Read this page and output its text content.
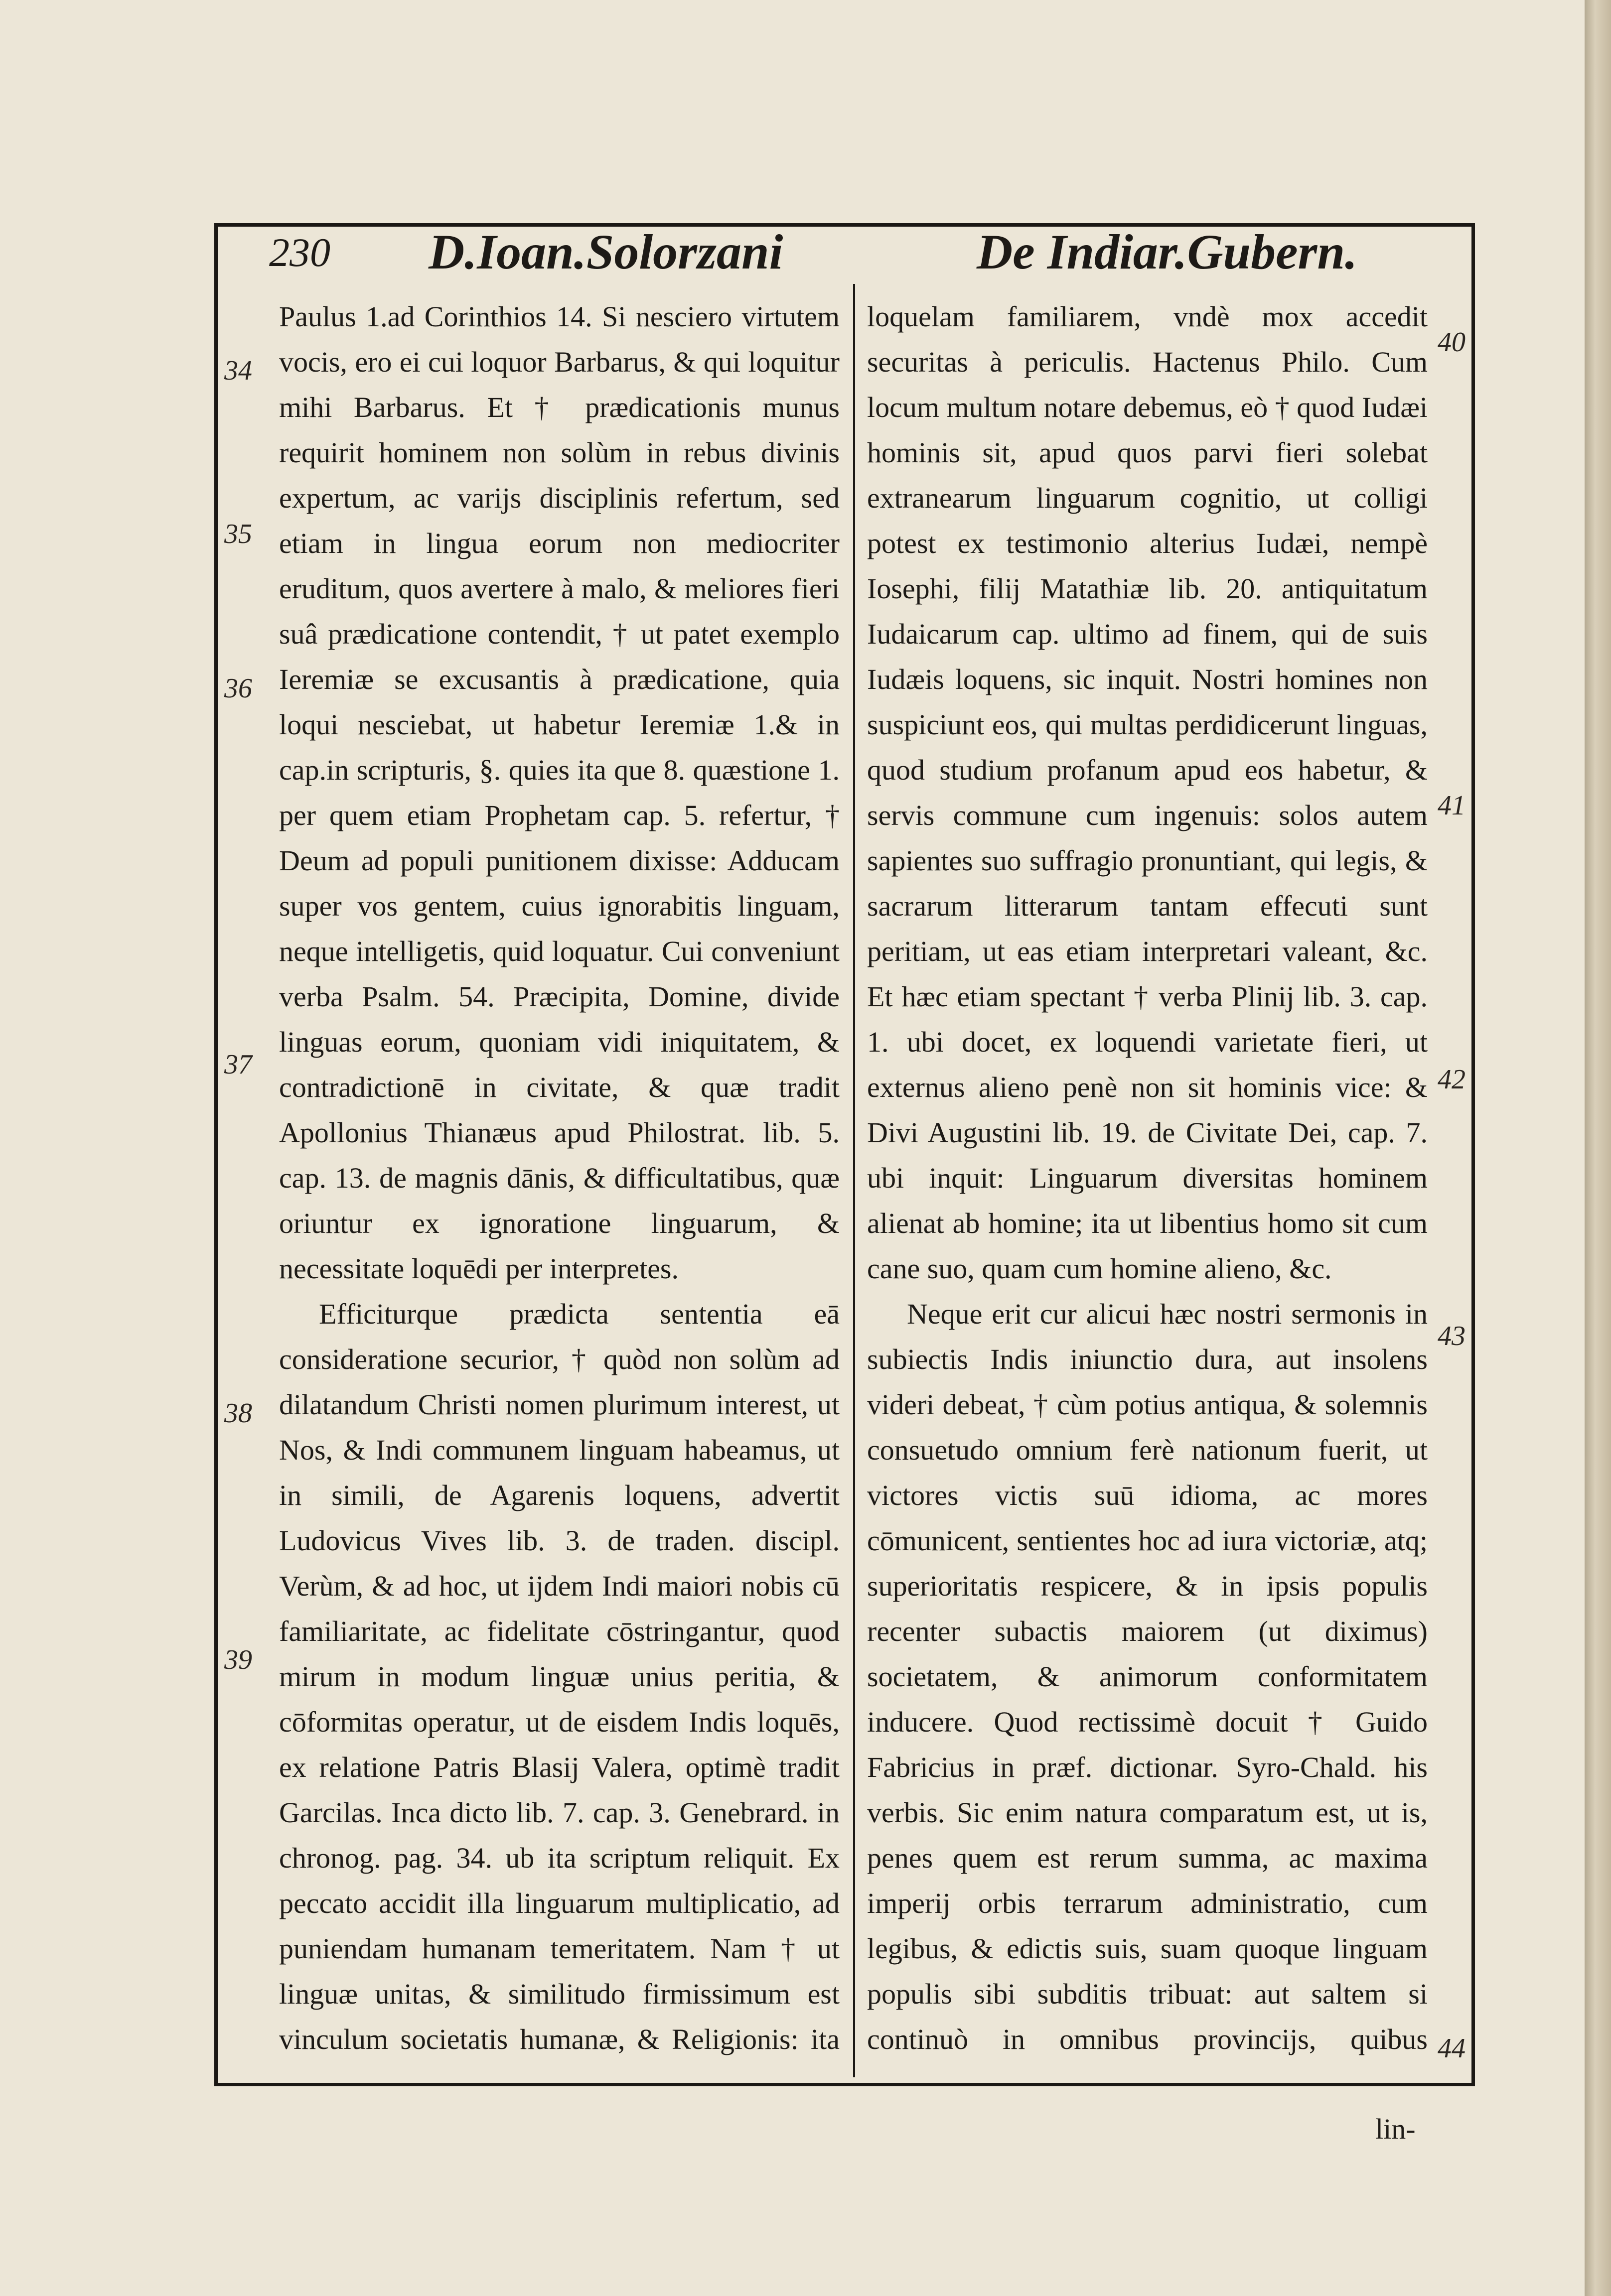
230 D.Ioan.Solorzani	De Indiar.Gubern.

Paulus 1.ad Corinthios 14. Si nesciero virtutem vocis, ero ei cui loquor Barbarus, & qui loquitur mihi Barbarus. Et † prædicationis munus requirit hominem non solùm in rebus divinis expertum, ac varijs disciplinis refertum, sed etiam in lingua eorum non mediocriter eruditum, quos avertere à malo, & meliores fieri suâ prædicatione contendit, † ut patet exemplo Ieremiæ se excusantis à prædicatione, quia loqui nesciebat, ut habetur Ieremiæ 1.& in cap.in scripturis, §. quies ita que 8. quæstione 1. per quem etiam Prophetam cap. 5. refertur, † Deum ad populi punitionem dixisse: Adducam super vos gentem, cuius ignorabitis linguam, neque intelligetis, quid loquatur. Cui conveniunt verba Psalm. 54. Præcipita, Domine, divide linguas eorum, quoniam vidi iniquitatem, & contradictionē in civitate, & quæ tradit Apollonius Thianæus apud Philostrat. lib. 5. cap. 13. de magnis dānis, & difficultatibus, quæ oriuntur ex ignoratione linguarum, & necessitate loquēdi per interpretes.

Efficiturque prædicta sententia eā consideratione securior, † quòd non solùm ad dilatandum Christi nomen plurimum interest, ut Nos, & Indi communem linguam habeamus, ut in simili, de Agarenis loquens, advertit Ludovicus Vives lib. 3. de traden. discipl. Verùm, & ad hoc, ut ijdem Indi maiori nobis cū familiaritate, ac fidelitate cōstringantur, quod mirum in modum linguæ unius peritia, & cōformitas operatur, ut de eisdem Indis loquēs, ex relatione Patris Blasij Valera, optimè tradit Garcilas. Inca dicto lib. 7. cap. 3. Genebrard. in chronog. pag. 34. ub ita scriptum reliquit. Ex peccato accidit illa linguarum multiplicatio, ad puniendam humanam temeritatem. Nam † ut linguæ unitas, & similitudo firmissimum est vinculum societatis humanæ, & Religionis: ita

loquelam familiarem, vndè mox accedit securitas à periculis. Hactenus Philo. Cum locum multum notare debemus, eò † quod Iudæi hominis sit, apud quos parvi fieri solebat extranearum linguarum cognitio, ut colligi potest ex testimonio alterius Iudæi, nempè Iosephi, filij Matathiæ lib. 20. antiquitatum Iudaicarum cap. ultimo ad finem, qui de suis Iudæis loquens, sic inquit. Nostri homines non suspiciunt eos, qui multas perdidicerunt linguas, quod studium profanum apud eos habetur, & servis commune cum ingenuis: solos autem sapientes suo suffragio pronuntiant, qui legis, & sacrarum litterarum tantam effecuti sunt peritiam, ut eas etiam interpretari valeant, &c. Et hæc etiam spectant † verba Plinij lib. 3. cap. 1. ubi docet, ex loquendi varietate fieri, ut externus alieno penè non sit hominis vice: & Divi Augustini lib. 19. de Civitate Dei, cap. 7. ubi inquit: Linguarum diversitas hominem alienat ab homine; ita ut libentius homo sit cum cane suo, quam cum homine alieno, &c.

Neque erit cur alicui hæc nostri sermonis in subiectis Indis iniunctio dura, aut insolens videri debeat, † cùm potius antiqua, & solemnis consuetudo omnium ferè nationum fuerit, ut victores victis suū idioma, ac mores cōmunicent, sentientes hoc ad iura victoriæ, atq; superioritatis respicere, & in ipsis populis recenter subactis maiorem (ut diximus) societatem, & animorum conformitatem inducere. Quod rectissimè docuit † Guido Fabricius in præf. dictionar. Syro-Chald. his verbis. Sic enim natura comparatum est, ut is, penes quem est rerum summa, ac maxima imperij orbis terrarum administratio, cum legibus, & edictis suis, suam quoque linguam populis sibi subditis tribuat: aut saltem si continuò in omnibus provincijs, quibus

34
35
36
37
38
39
40
41
42
43
44
lin-
